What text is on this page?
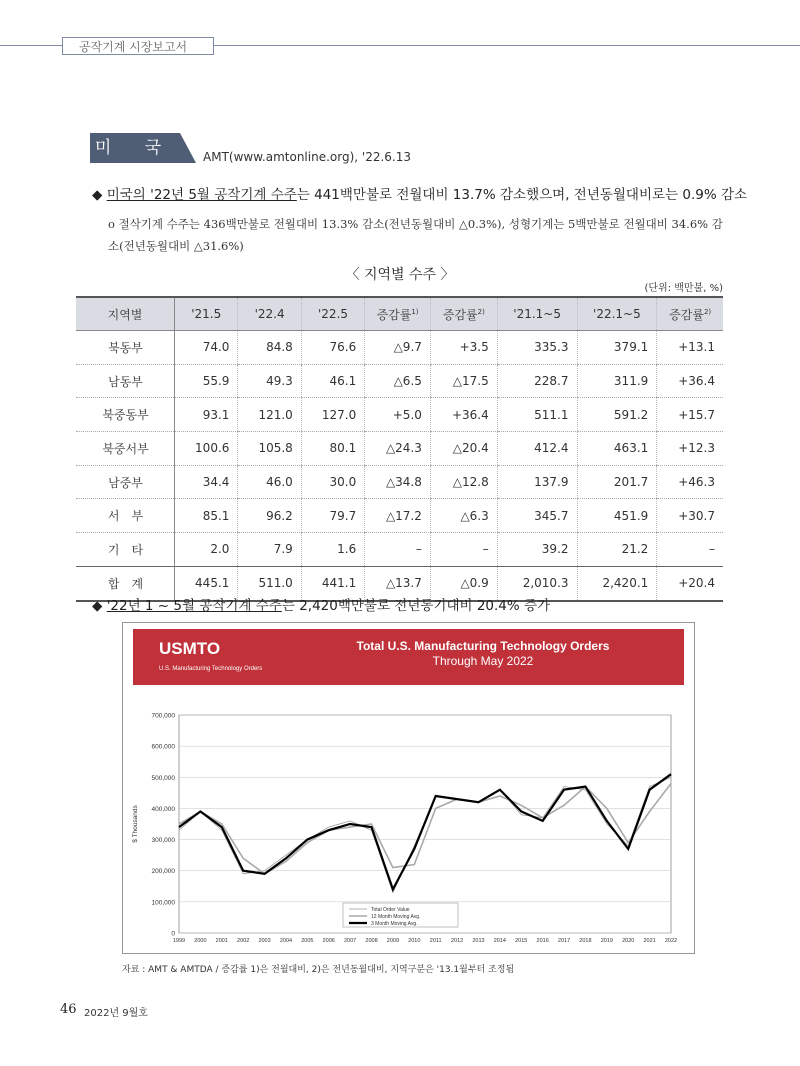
공작기계 시장보고서
미 국	AMT(www.amtonline.org), '22.6.13
◆ 미국의 '22년 5월 공작기계 수주는 441백만불로 전월대비 13.7% 감소했으며, 전년동월대비로는 0.9% 감소
o 절삭기계 수주는 436백만불로 전월대비 13.3% 감소(전년동월대비 △0.3%), 성형기계는 5백만불로 전월대비 34.6% 감소(전년동월대비 △31.6%)
〈 지역별 수주 〉
(단위: 백만불, %)
지역별	'21.5	'22.4	'22.5	증감률$^{1)}$	증감률$^{2)}$	'21.1~5	'22.1~5	증감률$^{2)}$
북동부	74.0	84.8	76.6	△9.7	+3.5	335.3	379.1	+13.1
남동부	55.9	49.3	46.1	△6.5	△17.5	228.7	311.9	+36.4
북중동부	93.1	121.0	127.0	+5.0	+36.4	511.1	591.2	+15.7
북중서부	100.6	105.8	80.1	△24.3	△20.4	412.4	463.1	+12.3
남중부	34.4	46.0	30.0	△34.8	△12.8	137.9	201.7	+46.3
서　부	85.1	96.2	79.7	△17.2	△6.3	345.7	451.9	+30.7
기　타	2.0	7.9	1.6	–	–	39.2	21.2	–
합　계	445.1	511.0	441.1	△13.7	△0.9	2,010.3	2,420.1	+20.4
◆ '22년 1 ~ 5월 공작기계 수주는 2,420백만불로 전년동기대비 20.4% 증가
USMTO
U.S. Manufacturing Technology Orders
Total U.S. Manufacturing Technology Orders
Through May 2022
0
100,000
200,000
300,000
400,000
500,000
600,000
700,000
1999 2000 2001 2002 2003 2004 2005 2006 2007 2008 2009 2010 2011 2012 2013 2014 2015 2016 2017 2018 2019 2020 2021 2022
$ Thousands
Total Order Value
12 Month Moving Avg.
3 Month Moving Avg.
자료 : AMT & AMTDA / 증감률 1)은 전월대비, 2)은 전년동월대비, 지역구분은 '13.1월부터 조정됨
46 2022년 9월호
